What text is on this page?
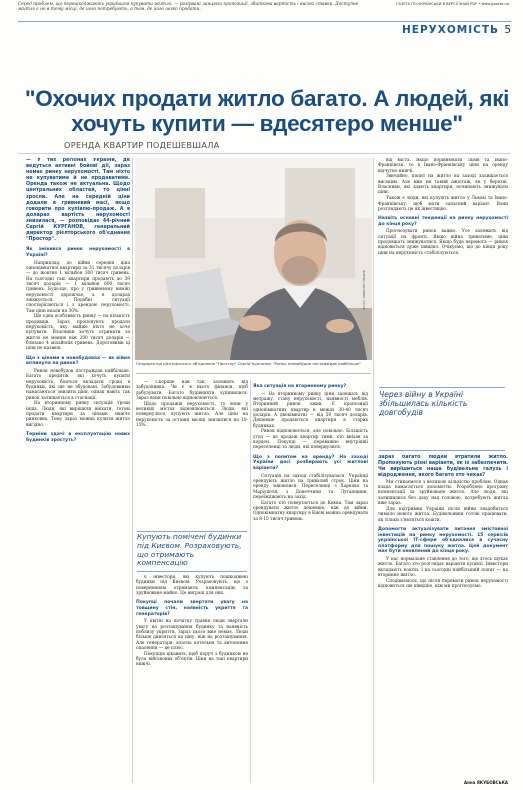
Серед проблем, що перешкоджають українцям купувати житло, — розірвані ланцюги пропозиції, збиткова вартість і високі ставки. Доступне житло є не в тому місці, де його потребують, а там, де його легко продати.
ГАЗЕТА ПО-УКРАЇНСЬКИ В ВЕРСІЇ ЗНАЙ PDF • www.gazeta.ua
НЕРУХОМІСТЬ 5
"Охочих продати житло багато. А людей, які хочуть купити — вдесятеро менше"
ОРЕНДА КВАРТИР ПОДЕШЕВШАЛА

— У тих регіонах України, де ведуться активні бойові дії, зараз немає ринку нерухомості. Там ніхто не купуватиме й не продаватиме. Оренда також не актуальна. Щодо центральних областей, то цінні зросли. Але на середній ціни додали в гривневий масі, якщо говорити про купівлю-продаж. А в доларах вартість нерухомості знизилася, — розповідає 44-річний Сергій КУРГАНОВ, генеральний директор рієлторського об'єднання "Простор".

Як змінився ринок нерухомості в Україні?

Наприклад, до війни середня ціна однокімнатної квартири за 31 тисячу доларів — до жовтня 1 мільйон 300 тисяч гривень. На сьогодні такі квартири продають до 39 тисяч доларів — 1 мільйон 600 тисяч гривень. Будь-що, про у гривневому виміні нерухомості дорожчає, а в доларах знижується. Подобні ситуації спостерігаються і з арендою нерухомості. Там ціни впали на 30%.

Ще одна особливість ринку — на кількість продавців. Зараз пропонують продати нерухомість, яку майже ніхто не хоче купувати. Власники хочуть отримати за житло не менше ніж 200 тисяч доларів — близько 4 мільйонів гривень. Дороговими ці ціни не назвеш.

Що з цінами в новобудовах — як війна вплинула на ринок?

Ринок новобудов постраждав найбільше. Багато кредитів, які хочуть купити нерухомість, бояться вкладати гроші в будинки, які ще не збудовані. Забудовники намагаються знизити ціни, однак навіть так ринок залишається в стагнації.

На вторинному ринку ситуація трохи інша. Люди, які вирішили виїхати, готові продати квартири за цінами нижче ринкових. Тому зараз можна купити житло вигідно.

Терміни здачі в експлуатацію нових будинків зростуть?
ФОТО: ОЛЕКСІЙ СТЕЦЮК
Гендиректор рієлторського об'єднання "Простор" Сергій Курганов: "Ринок нововбудов постраждав найбільше"

— Скоріше ніж так, залежить від забудовника. Чи є в нього фінанси, щоб добудувати. Багато будівництв зупинилися. Зараз вони повільно відновлюються.

Щодо продажів нерухомості, то вони у великих містах відновлюються. Люди, які повернулися, купують житло. Але ціни на нерухомість за останні місяці знизилися на 10-15%.

Купують помічені будинки під Києвом. Розраховують, що отримають компенсацію

Є інвестори, які купують пошкоджені будинки під Києвом. Розраховують, що з поверненням отримають компенсацію за зруйноване майно. Це виграш для них.

Покупці почали звертати увагу на товщину стін, наявність укриття та генераторів?

У квітні на початку травня люди звертали увагу на розташування будинку та наявність поблизу укриття. Зараз цього вже немає. Люди більше дивляться на ціну, ніж на розташування. Але генератори, власна котельня та автономне опалення — це плюс.

Покупців цікавить, щоб поруч з будинком не було військових об'єктів. Ціни на такі квартири нижчі.

Яка ситуація на вторинному ринку?

— На вторинному ринку ціни залежать від метражу, стану нерухомості, наявності меблів. Вторинний ринок ожив. Є пропозиції однокімнатних квартир в межах 30-40 тисяч доларів. А двокімнатні — від 50 тисяч доларів. Дешевше продаються квартири в старих будинках.

Ринок відновлюється, але повільно. Більшість угод — це продаж квартир тими, хто виїхав за кордон. Покупці — переважно внутрішні переселенці та люди, які повернулися.

Що з попитом на оренду? На заході України досі розбирають усі житлові варіанти?

Ситуація на заході стабілізувалася. Українці орендують житло на тривалий строк. Ціни на оренду знизилися. Переселенці з Харкова та Маріуполя, з Донеччини та Луганщини, переїжджають на захід.

Багато хто повертається до Києва. Там зараз орендувати житло дешевше, ніж до війни. Однокімнатну квартиру в Києві можна орендувати за 8-10 тисяч гривень.

від міста. Якщо порівнювати Львів та Івано-Франківськ, то в Івано-Франківську ціни на оренду відчутно нижчі.

Звичайно, попит на житло на заході залишається високим. Але вже не такий ажіотаж, як у березні. Власники, які здають квартири, починають знижувати ціни.

Також є люди, які купують житло у Львові та Івано-Франківську, щоб мати запасний варіант. Вони розглядають це як інвестицію.

Назвіть основні тенденції на ринку нерухомості до кінця року?

Прогнозувати ринок важко. Усе залежить від ситуації на фронті. Якщо війна триватиме, ціни продовжать знижуватися. Якщо буде перемога — ринок відновиться дуже швидко. Очікуємо, що до кінця року ціни на нерухомість стабілізуються.

Через війну в Україні збільшилась кількість довгобудів

Зараз багато людей втратили житло. Пропонують різні варіанти, як їх забезпечити. Чи вирішиться наша будівельна галузь і відродження, якого багато хто чекає?

Ми стикаємося з великою кількістю проблем. Однак влада намагається допомогти. Розроблено програму компенсації за зруйноване житло. Але люди, які залишилися без даху над головою, потребують житла вже зараз.

Для підтримки України після війни знадобиться чимало нового житла. Будівельники готові працювати, як тільки з'являться кошти.

Допомогти актуалізувати питання змістовної інвестицій на ринку нерухомості. 15 сервісів української ІТ-сфери об'єдналися в сучасну платформу для пошуку житла. Цей документ має бути оновлений до кінця року.

У нас нормальне ставлення до того, що хтось шукає житло. Багато хто розглядає варіанти купівлі. Інвестори вкладають кошти. І на сьогодні найбільший попит — на вторинне житло.

Сподіваємося, що після перемоги ринок нерухомості відновиться ще швидше, ніж ми прогнозуємо.

Анна ЯКУБОВСЬКА
